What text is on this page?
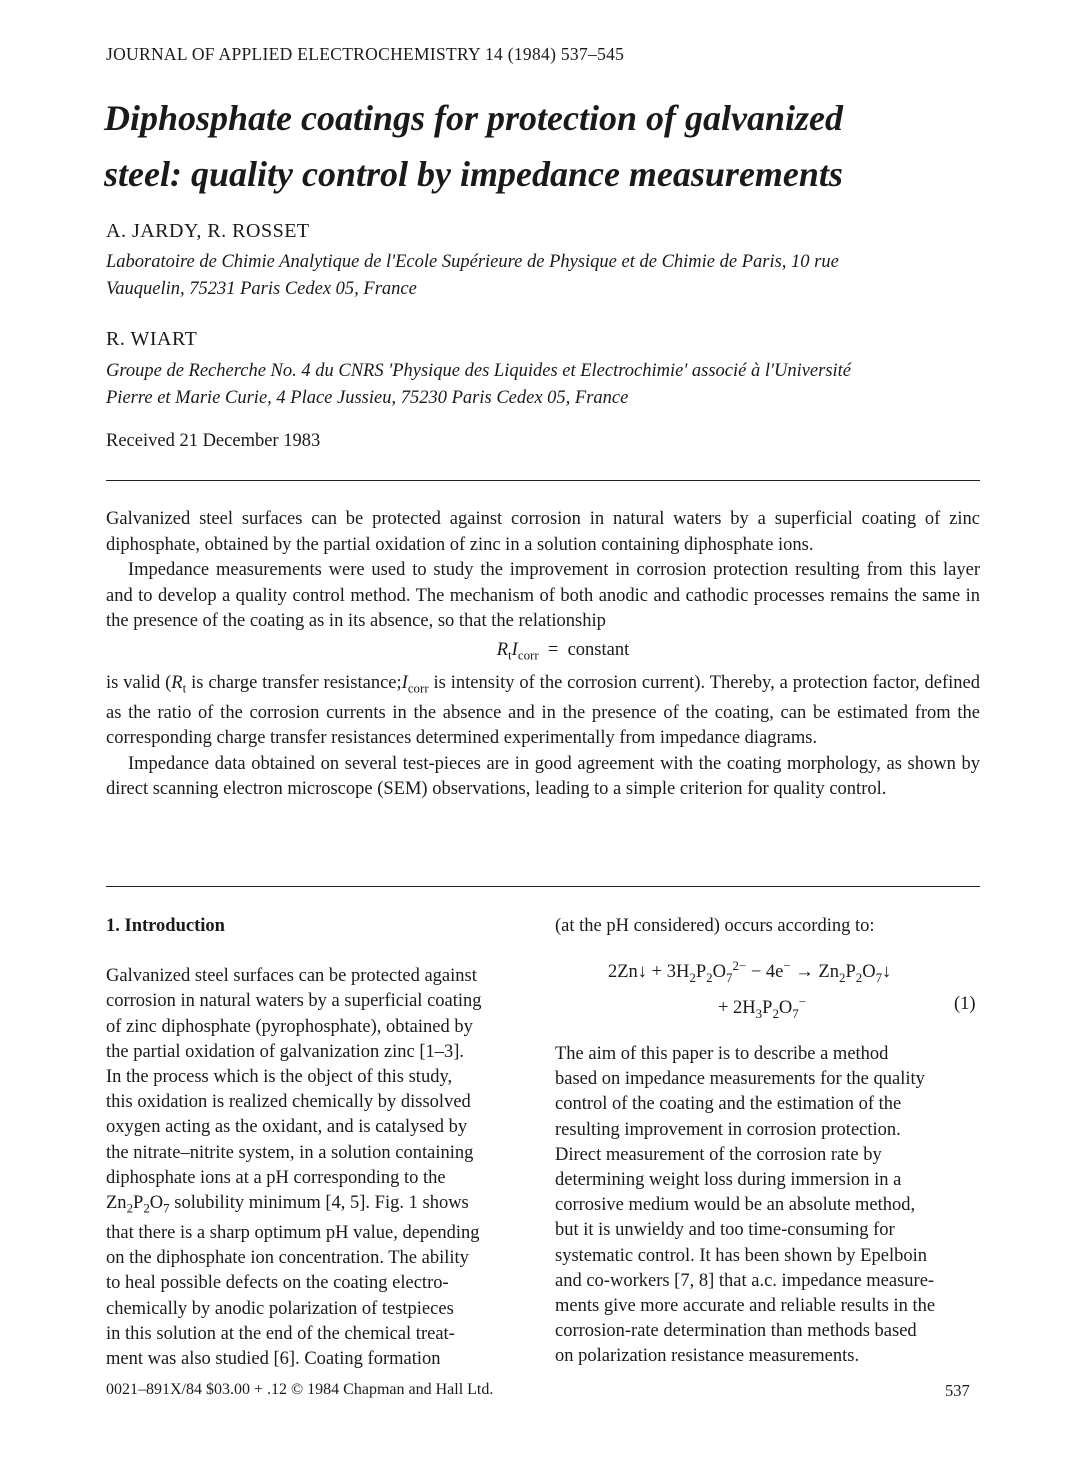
JOURNAL OF APPLIED ELECTROCHEMISTRY 14 (1984) 537–545
Diphosphate coatings for protection of galvanized
steel: quality control by impedance measurements
A. JARDY, R. ROSSET
Laboratoire de Chimie Analytique de l'Ecole Supérieure de Physique et de Chimie de Paris, 10 rue
Vauquelin, 75231 Paris Cedex 05, France
R. WIART
Groupe de Recherche No. 4 du CNRS 'Physique des Liquides et Electrochimie' associé à l'Université
Pierre et Marie Curie, 4 Place Jussieu, 75230 Paris Cedex 05, France
Received 21 December 1983

Galvanized steel surfaces can be protected against corrosion in natural waters by a superficial coating of zinc diphosphate, obtained by the partial oxidation of zinc in a solution containing diphosphate ions.

Impedance measurements were used to study the improvement in corrosion protection resulting from this layer and to develop a quality control method. The mechanism of both anodic and cathodic processes remains the same in the presence of the coating as in its absence, so that the relationship

$R_tI_{corr}$ = constant

is valid ($R_t$ is charge transfer $resistance;I_{corr}$ is intensity of the corrosion current). Thereby, a protection factor, defined as the ratio of the corrosion currents in the absence and in the presence of the coating, can be estimated from the corresponding charge transfer resistances determined experimentally from impedance diagrams.

Impedance data obtained on several test-pieces are in good agreement with the coating morphology, as shown by direct scanning electron microscope (SEM) observations, leading to a simple criterion for quality control.

1. Introduction
Galvanized steel surfaces can be protected against
corrosion in natural waters by a superficial coating
of zinc diphosphate (pyrophosphate), obtained by
the partial oxidation of galvanization zinc [1–3].
In the process which is the object of this study,
this oxidation is realized chemically by dissolved
oxygen acting as the oxidant, and is catalysed by
the nitrate–nitrite system, in a solution containing
diphosphate ions at a pH corresponding to the
$Zn_2P_2O_7$ solubility minimum [4, 5]. Fig. 1 shows
that there is a sharp optimum pH value, depending
on the diphosphate ion concentration. The ability
to heal possible defects on the coating electro-
chemically by anodic polarization of testpieces
in this solution at the end of the chemical treat-
ment was also studied [6]. Coating formation
(at the pH considered) occurs according to:
2Zn↓ + $3H_2P_2O_7^{2-} - 4e^-$ → $Zn_2P_2O_7↓$
+ $2H_3P_2O_7^-$	(1)
The aim of this paper is to describe a method
based on impedance measurements for the quality
control of the coating and the estimation of the
resulting improvement in corrosion protection.
Direct measurement of the corrosion rate by
determining weight loss during immersion in a
corrosive medium would be an absolute method,
but it is unwieldy and too time-consuming for
systematic control. It has been shown by Epelboin
and co-workers [7, 8] that a.c. impedance measure-
ments give more accurate and reliable results in the
corrosion-rate determination than methods based
on polarization resistance measurements.
0021–891X/84 $03.00 + .12 © 1984 Chapman and Hall Ltd.	537
